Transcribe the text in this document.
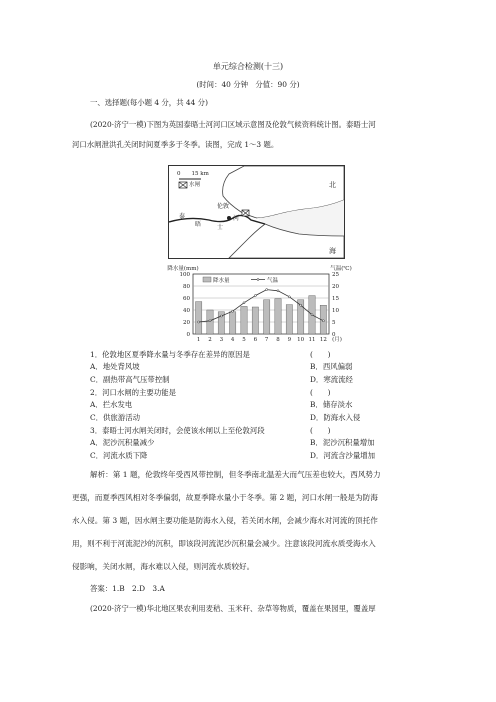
单元综合检测(十三)
(时间：40 分钟　分值：90 分)
一、选择题(每小题 4 分，共 44 分)
(2020·济宁一模)下图为英国泰晤士河河口区域示意图及伦敦气候资料统计图。泰晤士河
河口水闸泄洪孔关闭时间夏季多于冬季。读图，完成 1～3 题。
0　　15 km
水闸
伦敦
泰
晤	士
河
北
海
0
20
40
60
80
100
0
5
10
15
20
25
1 2 3 4 5 6 7 8 9 10 11 12 (月)
降水量(mm)	气温(℃)
降水量	气温
1．伦敦地区夏季降水量与冬季存在差异的原因是	(　　)
A．地处背风坡	B．西风偏弱
C．副热带高气压带控制	D．寒流流经
2．河口水闸的主要功能是	(　　)
A．拦水发电	B．储存淡水
C．供旅游活动	D．防海水入侵
3．泰晤士河水闸关闭时，会使该水闸以上至伦敦河段	(　　)
A．泥沙沉积量减少	B．泥沙沉积量增加
C．河流水质下降	D．河流含沙量增加
解析：第 1 题，伦敦终年受西风带控制，但冬季南北温差大而气压差也较大，西风势力
更强，而夏季西风相对冬季偏弱，故夏季降水量小于冬季。第 2 题，河口水闸一般是为防海
水入侵。第 3 题，因水闸主要功能是防海水入侵，若关闭水闸，会减少海水对河流的顶托作
用，则不利于河流泥沙的沉积，即该段河流泥沙沉积量会减少。注意该段河流水质受海水入
侵影响，关闭水闸，海水难以入侵，则河流水质较好。
答案：1.B　2.D　3.A
(2020·济宁一模)华北地区果农利用麦秸、玉米秆、杂草等物质，覆盖在果园里，覆盖厚
